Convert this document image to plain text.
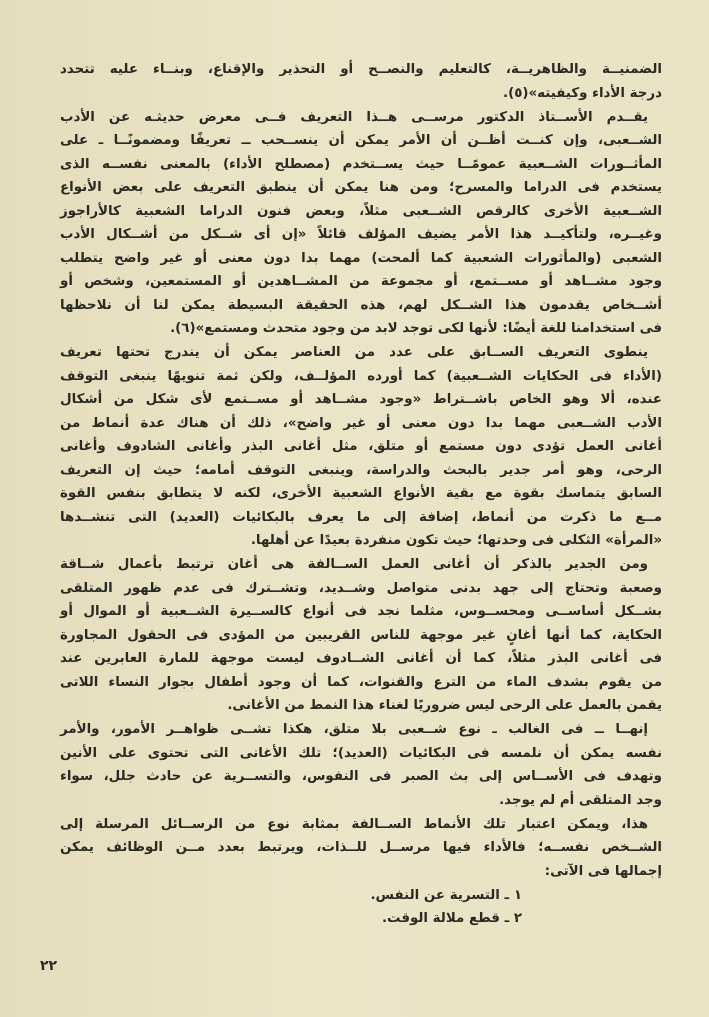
الضمنيــة والظاهريــة، كالتعليم والنصــح أو التحذير والإقناع، وبنــاء عليه تتحدد
درجة الأداء وكيفيته»(٥).
يقــدم الأســتاذ الدكتور مرســى هــذا التعريف فــى معرض حديثـه عن الأدب
الشــعبى، وإن كنــت أظــن أن الأمر يمكن أن ينســحب ــ تعريفًا ومضمونًــا ـ على
المأثــورات الشــعبية عمومًــا حيث يســتخدم (مصطلح الأداء) بالمعنى نفســه الذى
يستخدم فى الدراما والمسرح؛ ومن هنا يمكن أن ينطبق التعريف على بعض الأنواع
الشــعبية الأخرى كالرقص الشــعبى مثلاً، وبعض فنون الدراما الشعبية كالأراجوز
وغيــره، ولتأكيــد هذا الأمر يضيف المؤلف قائلاً «إن أى شــكل من أشــكال الأدب
الشعبى (والمأثورات الشعبية كما ألمحت) مهما بدا دون معنى أو غير واضح يتطلب
وجود مشــاهد أو مســتمع، أو مجموعة من المشــاهدين أو المستمعين، وشخص أو
أشــخاص يقدمون هذا الشــكل لهم، هذه الحقيقة البسيطة يمكن لنا أن نلاحظها
فى استخدامنا للغة أيضًا: لأنها لكى توجد لابد من وجود متحدث ومستمع»(٦).
ينطوى التعريف الســابق على عدد من العناصر يمكن أن يندرج تحتها تعريف
(الأداء فى الحكايات الشــعبية) كما أورده المؤلــف، ولكن ثمة تنويهًا ينبغى التوقف
عنده، ألا وهو الخاص باشــتراط «وجود مشــاهد أو مســتمع لأى شكل من أشكال
الأدب الشــعبى مهما بدا دون معنى أو غير واضح»، ذلك أن هناك عدة أنماط من
أغانى العمل تؤدى دون مستمع أو متلق، مثل أغانى البذر وأغانى الشادوف وأغانى
الرحى، وهو أمر جدير بالبحث والدراسة، وينبغى التوقف أمامه؛ حيث إن التعريف
السابق يتماسك بقوة مع بقية الأنواع الشعبية الأخرى، لكنه لا يتطابق بنفس القوة
مــع ما ذكرت من أنماط، إضافة إلى ما يعرف بالبكائيات (العديد) التى تنشــدها
«المرأة» الثكلى فى وحدتها؛ حيث تكون منفردة بعيدًا عن أهلها.
ومن الجدير بالذكر أن أغانى العمل الســالفة هى أغان ترتبط بأعمال شــاقة
وصعبة وتحتاج إلى جهد بدنى متواصل وشــديد، وتشــترك فى عدم ظهور المتلقى
بشــكل أساســى ومحســوس، مثلما نجد فى أنواع كالســيرة الشــعبية أو الموال أو
الحكاية، كما أنها أغانٍ غير موجهة للناس القريبين من المؤدى فى الحقول المجاورة
فى أغانى البذر مثلاً، كما أن أغانى الشــادوف ليست موجهة للمارة العابرين عند
من يقوم بشدف الماء من الترع والقنوات، كما أن وجود أطفال بجوار النساء اللاتى
يقمن بالعمل على الرحى ليس ضروريًا لغناء هذا النمط من الأغانى.
إنهــا ــ فى الغالب ـ نوع شــعبى بلا متلق، هكذا تشــى ظواهــر الأمور، والأمر
نفسه يمكن أن نلمسه فى البكائيات (العديد)؛ تلك الأغانى التى تحتوى على الأنين
وتهدف فى الأســاس إلى بث الصبر فى النفوس، والتســرية عن حادث جلل، سواء
وجد المتلقى أم لم يوجد.
هذا، ويمكن اعتبار تلك الأنماط الســالفة بمثابة نوع من الرســائل المرسلة إلى
الشــخص نفســه؛ فالأداء فيها مرســل للــذات، ويرتبط بعدد مــن الوظائف يمكن
إجمالها فى الآتى:
١ ـ التسرية عن النفس.
٢ ـ قطع ملالة الوقت.
٢٢
